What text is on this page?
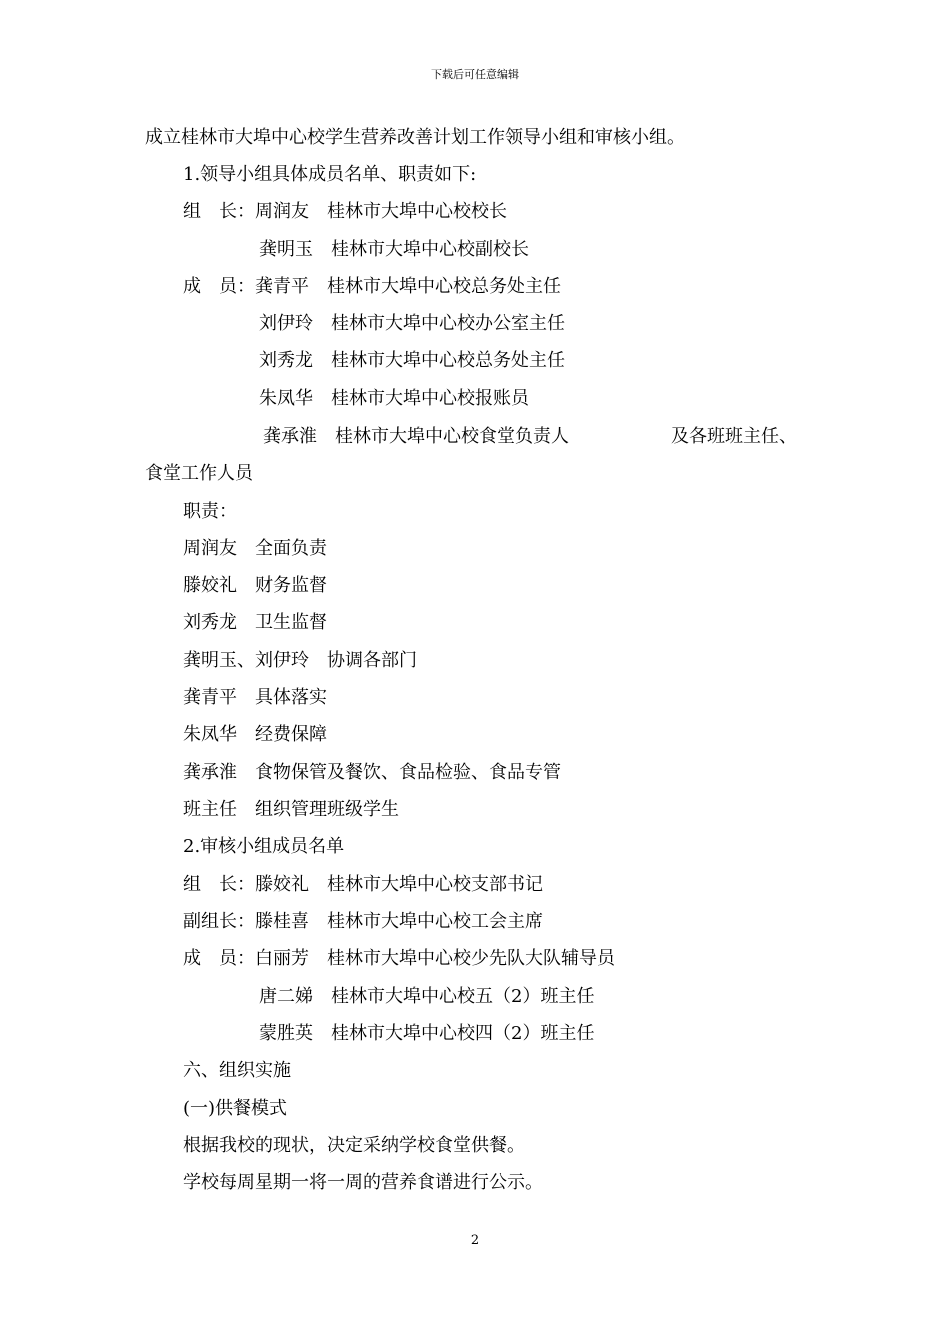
下载后可任意编辑
成立桂林市大埠中心校学生营养改善计划工作领导小组和审核小组。
1.领导小组具体成员名单、职责如下:
组　长：周润友　桂林市大埠中心校校长
龚明玉　桂林市大埠中心校副校长
成　员：龚青平　桂林市大埠中心校总务处主任
刘伊玲　桂林市大埠中心校办公室主任
刘秀龙　桂林市大埠中心校总务处主任
朱凤华　桂林市大埠中心校报账员
龚承淮　桂林市大埠中心校食堂负责人	及各班班主任、
食堂工作人员
职责：
周润友　全面负责
滕姣礼　财务监督
刘秀龙　卫生监督
龚明玉、刘伊玲　协调各部门
龚青平　具体落实
朱凤华　经费保障
龚承淮　食物保管及餐饮、食品检验、食品专管
班主任　组织管理班级学生
2.审核小组成员名单
组　长：滕姣礼　桂林市大埠中心校支部书记
副组长：滕桂喜　桂林市大埠中心校工会主席
成　员：白丽芳　桂林市大埠中心校少先队大队辅导员
唐二娣　桂林市大埠中心校五（2）班主任
蒙胜英　桂林市大埠中心校四（2）班主任
六、组织实施
(一)供餐模式
根据我校的现状，决定采纳学校食堂供餐。
学校每周星期一将一周的营养食谱进行公示。
2
